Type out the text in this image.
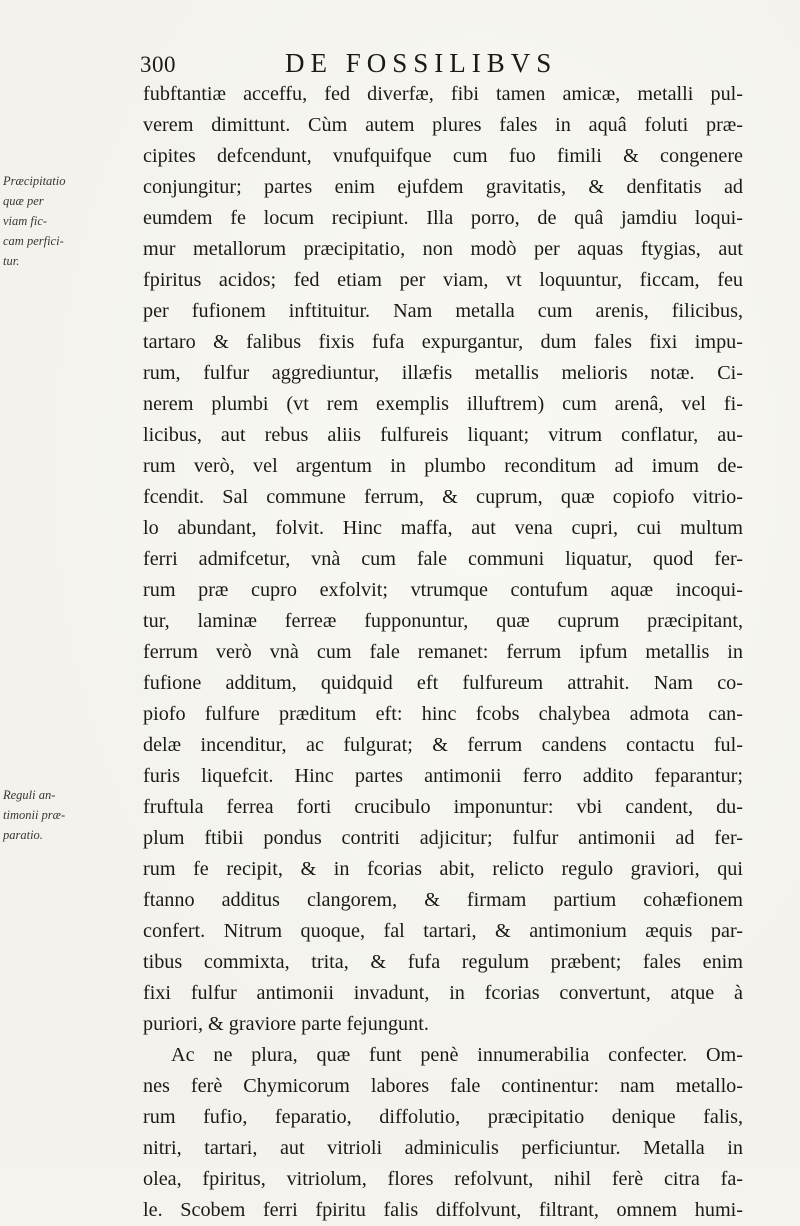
300	DE FOSSILIBVS
Præcipitatio
quæ per
viam fic-
cam perfici-
tur.
Reguli an-
timonii præ-
paratio.
fubftantiæ acceffu, fed diverfæ, fibi tamen amicæ, metalli pul-
verem dimittunt. Cùm autem plures fales in aquâ foluti præ-
cipites defcendunt, vnufquifque cum fuo fimili & congenere
conjungitur; partes enim ejufdem gravitatis, & denfitatis ad
eumdem fe locum recipiunt. Illa porro, de quâ jamdiu loqui-
mur metallorum præcipitatio, non modò per aquas ftygias, aut
fpiritus acidos; fed etiam per viam, vt loquuntur, ficcam, feu
per fufionem inftituitur. Nam metalla cum arenis, filicibus,
tartaro & falibus fixis fufa expurgantur, dum fales fixi impu-
rum, fulfur aggrediuntur, illæfis metallis melioris notæ. Ci-
nerem plumbi (vt rem exemplis illuftrem) cum arenâ, vel fi-
licibus, aut rebus aliis fulfureis liquant; vitrum conflatur, au-
rum verò, vel argentum in plumbo reconditum ad imum de-
fcendit. Sal commune ferrum, & cuprum, quæ copiofo vitrio-
lo abundant, folvit. Hinc maffa, aut vena cupri, cui multum
ferri admifcetur, vnà cum fale communi liquatur, quod fer-
rum præ cupro exfolvit; vtrumque contufum aquæ incoqui-
tur, laminæ ferreæ fupponuntur, quæ cuprum præcipitant,
ferrum verò vnà cum fale remanet: ferrum ipfum metallis in
fufione additum, quidquid eft fulfureum attrahit. Nam co-
piofo fulfure præditum eft: hinc fcobs chalybea admota can-
delæ incenditur, ac fulgurat; & ferrum candens contactu ful-
furis liquefcit. Hinc partes antimonii ferro addito feparantur;
fruftula ferrea forti crucibulo imponuntur: vbi candent, du-
plum ftibii pondus contriti adjicitur; fulfur antimonii ad fer-
rum fe recipit, & in fcorias abit, relicto regulo graviori, qui
ftanno additus clangorem, & firmam partium cohæfionem
confert. Nitrum quoque, fal tartari, & antimonium æquis par-
tibus commixta, trita, & fufa regulum præbent; fales enim
fixi fulfur antimonii invadunt, in fcorias convertunt, atque à
puriori, & graviore parte fejungunt.
Ac ne plura, quæ funt penè innumerabilia confecter. Om-
nes ferè Chymicorum labores fale continentur: nam metallo-
rum fufio, feparatio, diffolutio, præcipitatio denique falis,
nitri, tartari, aut vitrioli adminiculis perficiuntur. Metalla in
olea, fpiritus, vitriolum, flores refolvunt, nihil ferè citra fa-
le. Scobem ferri fpiritu falis diffolvunt, filtrant, omnem humi-
